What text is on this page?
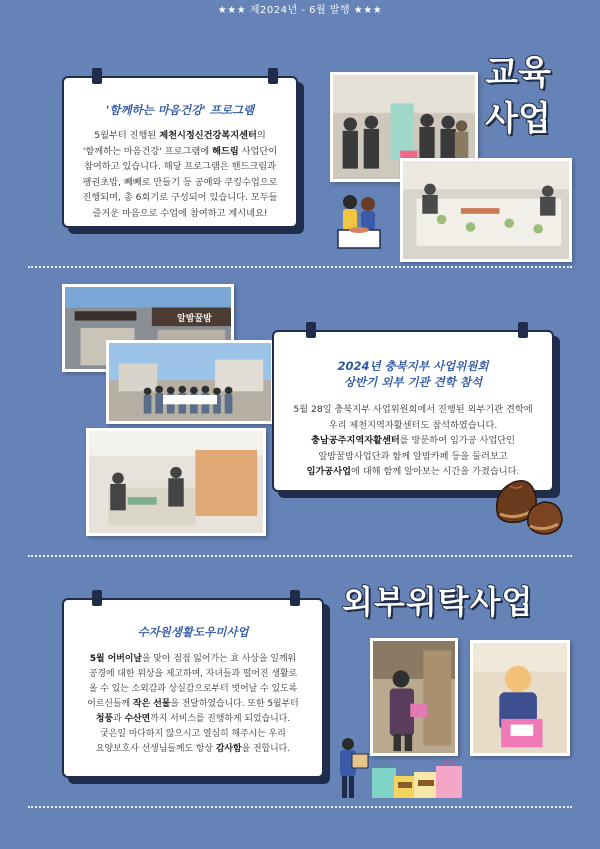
★★★ 제2024년 - 6월 발행 ★★★
'함께하는 마음건강' 프로그램
5월부터 진행된 제천시정신건강복지센터의
'함께하는 마음건강' 프로그램에 해드림 사업단이
참여하고 있습니다. 해당 프로그램은 핸드크림과
팽권초밥, 빼빼로 만들기 등 공예와 쿠킹수업으로
진행되며, 총 6회기로 구성되어 있습니다. 모두들
즐거운 마음으로 수업에 참여하고 계시네요!
교육
사업
알밤꿀밤
2024년 충북지부 사업위원회
상반기 외부 기관 견학 참석
5월 28일 충북지부 사업위원회에서 진행된 외부기관 견학에
우리 제천지역자활센터도 참석하였습니다.
충남공주지역자활센터를 방문하여 임가공 사업단인
알밤꿀밤사업단과 함께 알밤카페 등을 둘러보고
임가공사업에 대해 함께 알아보는 시간을 가졌습니다.
외부위탁사업
수자원생활도우미사업
5월 어버이날을 맞아 점점 잃어가는 효 사상을 일깨워
공경에 대한 위상을 제고하며, 자녀들과 떨어진 생활로
올 수 있는 소외감과 상실감으로부터 벗어날 수 있도록
어르신들께 작은 선물을 전달하였습니다. 또한 5월부터
청풍과 수산면까지 서비스를 진행하게 되었습니다.
궂은일 마다하지 않으시고 열심히 해주시는 우리
요양보호사 선생님들께도 항상 감사함을 전합니다.
